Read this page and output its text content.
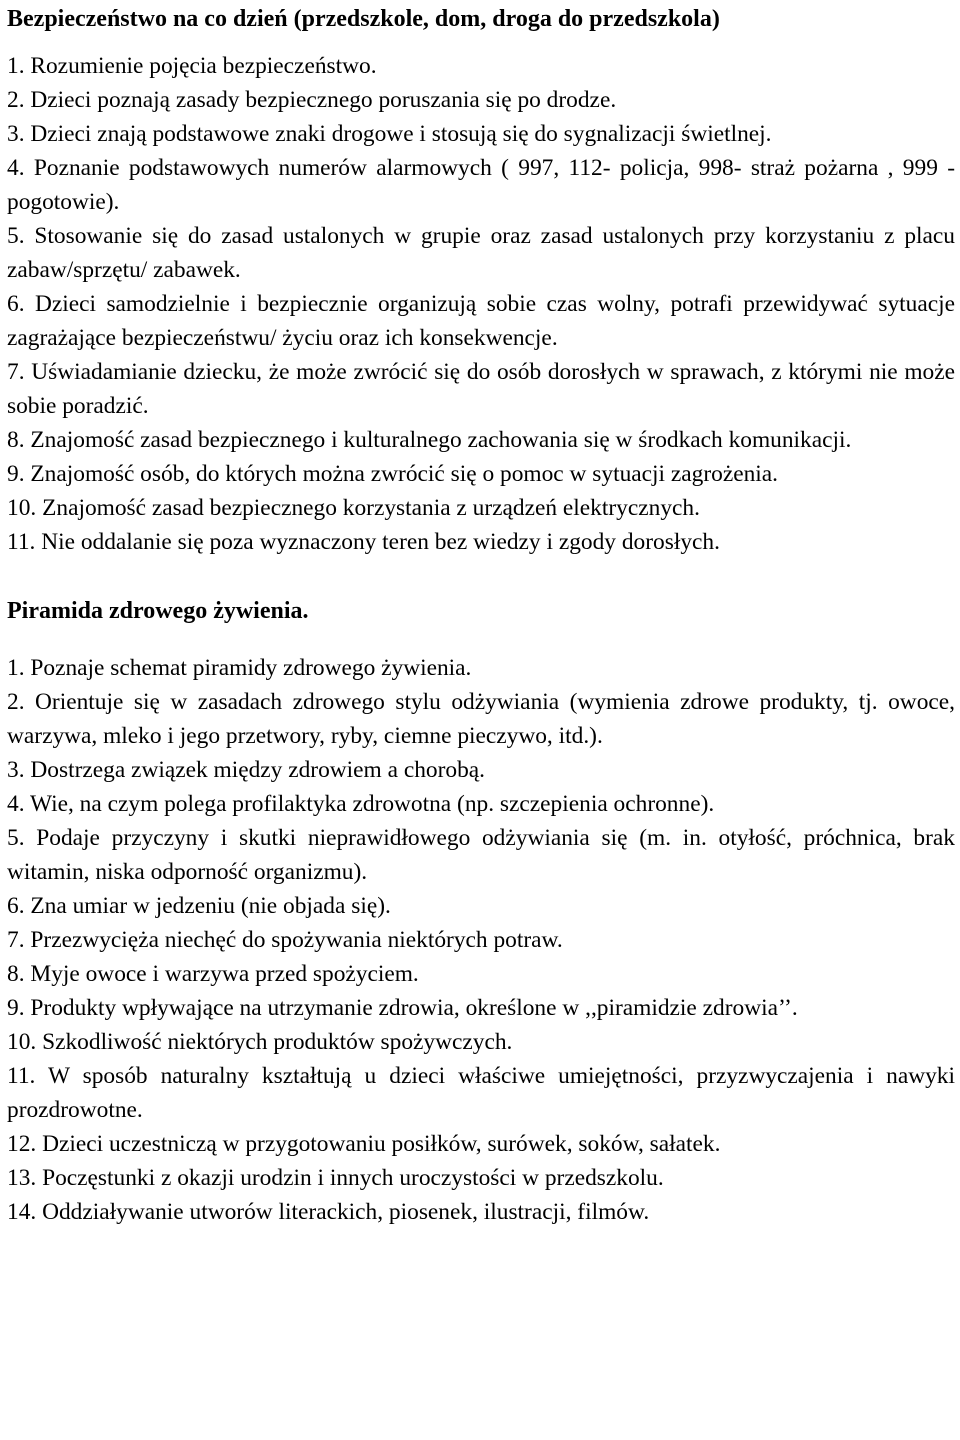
Bezpieczeństwo na co dzień (przedszkole, dom, droga do przedszkola)
1. Rozumienie pojęcia bezpieczeństwo.
2. Dzieci poznają zasady bezpiecznego poruszania się po drodze.
3. Dzieci znają podstawowe znaki drogowe i stosują się do sygnalizacji świetlnej.
4. Poznanie podstawowych numerów alarmowych ( 997, 112- policja, 998- straż pożarna , 999 - pogotowie).
5. Stosowanie się do zasad ustalonych w grupie oraz zasad ustalonych przy korzystaniu z placu zabaw/sprzętu/ zabawek.
6. Dzieci samodzielnie i bezpiecznie organizują sobie czas wolny, potrafi przewidywać sytuacje zagrażające bezpieczeństwu/ życiu oraz ich konsekwencje.
7. Uświadamianie dziecku, że może zwrócić się do osób dorosłych w sprawach, z którymi nie może sobie poradzić.
8. Znajomość zasad bezpiecznego i kulturalnego zachowania się w środkach komunikacji.
9. Znajomość osób, do których można zwrócić się o pomoc w sytuacji zagrożenia.
10. Znajomość zasad bezpiecznego korzystania z urządzeń elektrycznych.
11. Nie oddalanie się poza wyznaczony teren bez wiedzy i zgody dorosłych.
Piramida zdrowego żywienia.
1. Poznaje schemat piramidy zdrowego żywienia.
2. Orientuje się w zasadach zdrowego stylu odżywiania (wymienia zdrowe produkty, tj. owoce, warzywa, mleko i jego przetwory, ryby, ciemne pieczywo, itd.).
3. Dostrzega związek między zdrowiem a chorobą.
4. Wie, na czym polega profilaktyka zdrowotna (np. szczepienia ochronne).
5. Podaje przyczyny i skutki nieprawidłowego odżywiania się (m. in. otyłość, próchnica, brak witamin, niska odporność organizmu).
6. Zna umiar w jedzeniu (nie objada się).
7. Przezwycięża niechęć do spożywania niektórych potraw.
8. Myje owoce i warzywa przed spożyciem.
9. Produkty wpływające na utrzymanie zdrowia, określone w ,,piramidzie zdrowia’’.
10. Szkodliwość niektórych produktów spożywczych.
11. W sposób naturalny kształtują u dzieci właściwe umiejętności, przyzwyczajenia i nawyki prozdrowotne.
12. Dzieci uczestniczą w przygotowaniu posiłków, surówek, soków, sałatek.
13. Poczęstunki z okazji urodzin i innych uroczystości w przedszkolu.
14. Oddziaływanie utworów literackich, piosenek, ilustracji, filmów.
